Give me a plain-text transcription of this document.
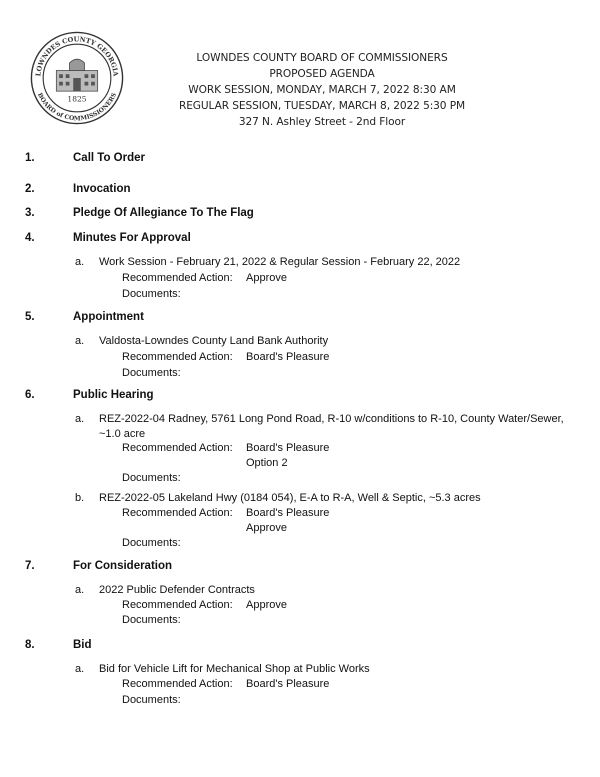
LOWNDES COUNTY GEORGIA
BOARD of COMMISSIONERS
1825
LOWNDES COUNTY BOARD OF COMMISSIONERS
PROPOSED AGENDA
WORK SESSION, MONDAY, MARCH 7, 2022 8:30 AM
REGULAR SESSION, TUESDAY, MARCH 8, 2022 5:30 PM
327 N. Ashley Street - 2nd Floor
1.	Call To Order
2.	Invocation
3.	Pledge Of Allegiance To The Flag
4.	Minutes For Approval
a. Work Session - February 21, 2022 & Regular Session - February 22, 2022
Recommended Action: Approve
Documents:
5.	Appointment
a. Valdosta-Lowndes County Land Bank Authority
Recommended Action: Board's Pleasure
Documents:
6.	Public Hearing
a. REZ-2022-04 Radney, 5761 Long Pond Road, R-10 w/conditions to R-10, County Water/Sewer,
~1.0 acre
Recommended Action: Board's Pleasure
Option 2
Documents:
b. REZ-2022-05 Lakeland Hwy (0184 054), E-A to R-A, Well & Septic, ~5.3 acres
Recommended Action: Board's Pleasure
Approve
Documents:
7.	For Consideration
a. 2022 Public Defender Contracts
Recommended Action: Approve
Documents:
8.	Bid
a. Bid for Vehicle Lift for Mechanical Shop at Public Works
Recommended Action: Board's Pleasure
Documents:
